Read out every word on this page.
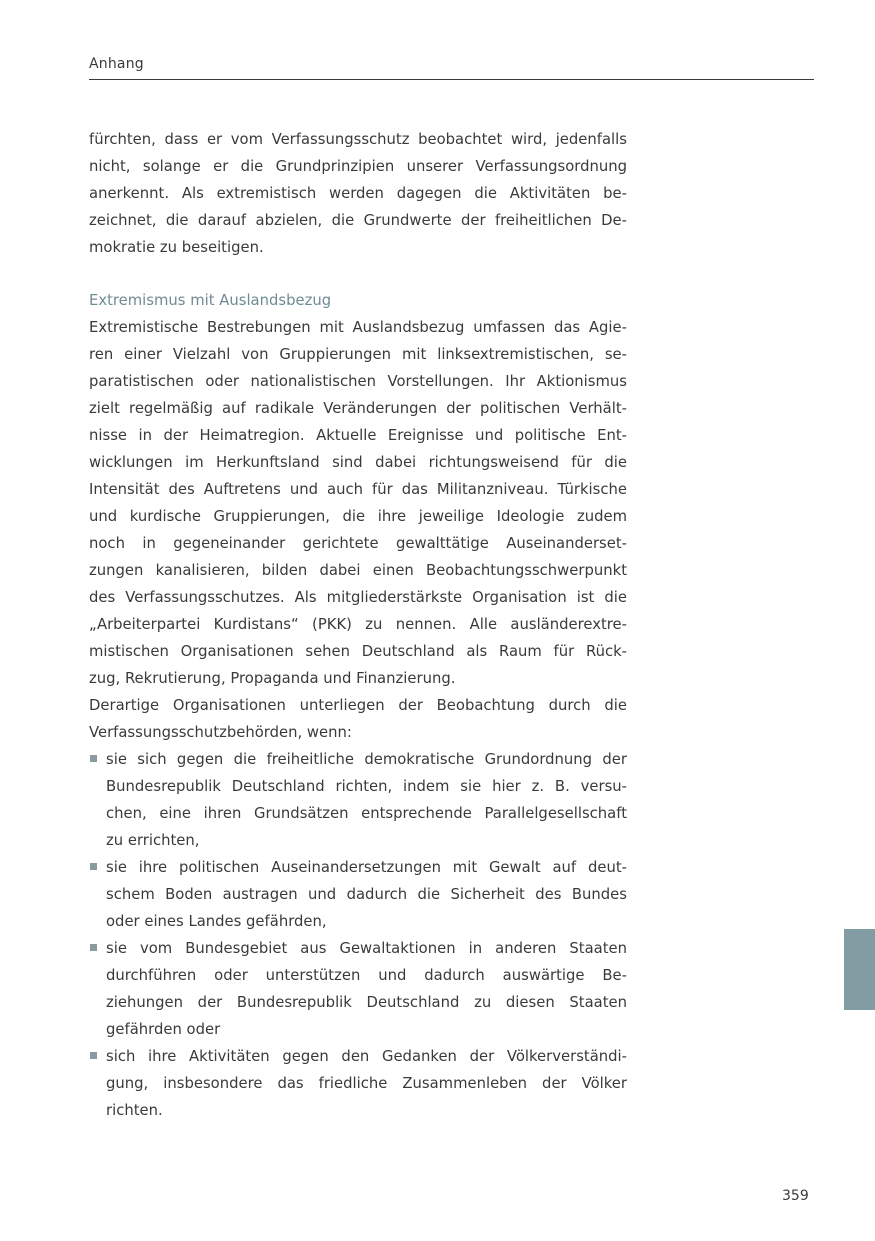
Anhang
fürchten, dass er vom Verfassungsschutz beobachtet wird, jedenfalls
nicht, solange er die Grundprinzipien unserer Verfassungsordnung
anerkennt. Als extremistisch werden dagegen die Aktivitäten be-
zeichnet, die darauf abzielen, die Grundwerte der freiheitlichen De-
mokratie zu beseitigen.
Extremismus mit Auslandsbezug
Extremistische Bestrebungen mit Auslandsbezug umfassen das Agie-
ren einer Vielzahl von Gruppierungen mit linksextremistischen, se-
paratistischen oder nationalistischen Vorstellungen. Ihr Aktionismus
zielt regelmäßig auf radikale Veränderungen der politischen Verhält-
nisse in der Heimatregion. Aktuelle Ereignisse und politische Ent-
wicklungen im Herkunftsland sind dabei richtungsweisend für die
Intensität des Auftretens und auch für das Militanzniveau. Türkische
und kurdische Gruppierungen, die ihre jeweilige Ideologie zudem
noch in gegeneinander gerichtete gewalttätige Auseinanderset-
zungen kanalisieren, bilden dabei einen Beobachtungsschwerpunkt
des Verfassungsschutzes. Als mitgliederstärkste Organisation ist die
„Arbeiterpartei Kurdistans“ (PKK) zu nennen. Alle ausländerextre-
mistischen Organisationen sehen Deutschland als Raum für Rück-
zug, Rekrutierung, Propaganda und Finanzierung.
Derartige Organisationen unterliegen der Beobachtung durch die
Verfassungsschutzbehörden, wenn:
sie sich gegen die freiheitliche demokratische Grundordnung der
Bundesrepublik Deutschland richten, indem sie hier z. B. versu-
chen, eine ihren Grundsätzen entsprechende Parallelgesellschaft
zu errichten,
sie ihre politischen Auseinandersetzungen mit Gewalt auf deut-
schem Boden austragen und dadurch die Sicherheit des Bundes
oder eines Landes gefährden,
sie vom Bundesgebiet aus Gewaltaktionen in anderen Staaten
durchführen oder unterstützen und dadurch auswärtige Be-
ziehungen der Bundesrepublik Deutschland zu diesen Staaten
gefährden oder
sich ihre Aktivitäten gegen den Gedanken der Völkerverständi-
gung, insbesondere das friedliche Zusammenleben der Völker
richten.
359
